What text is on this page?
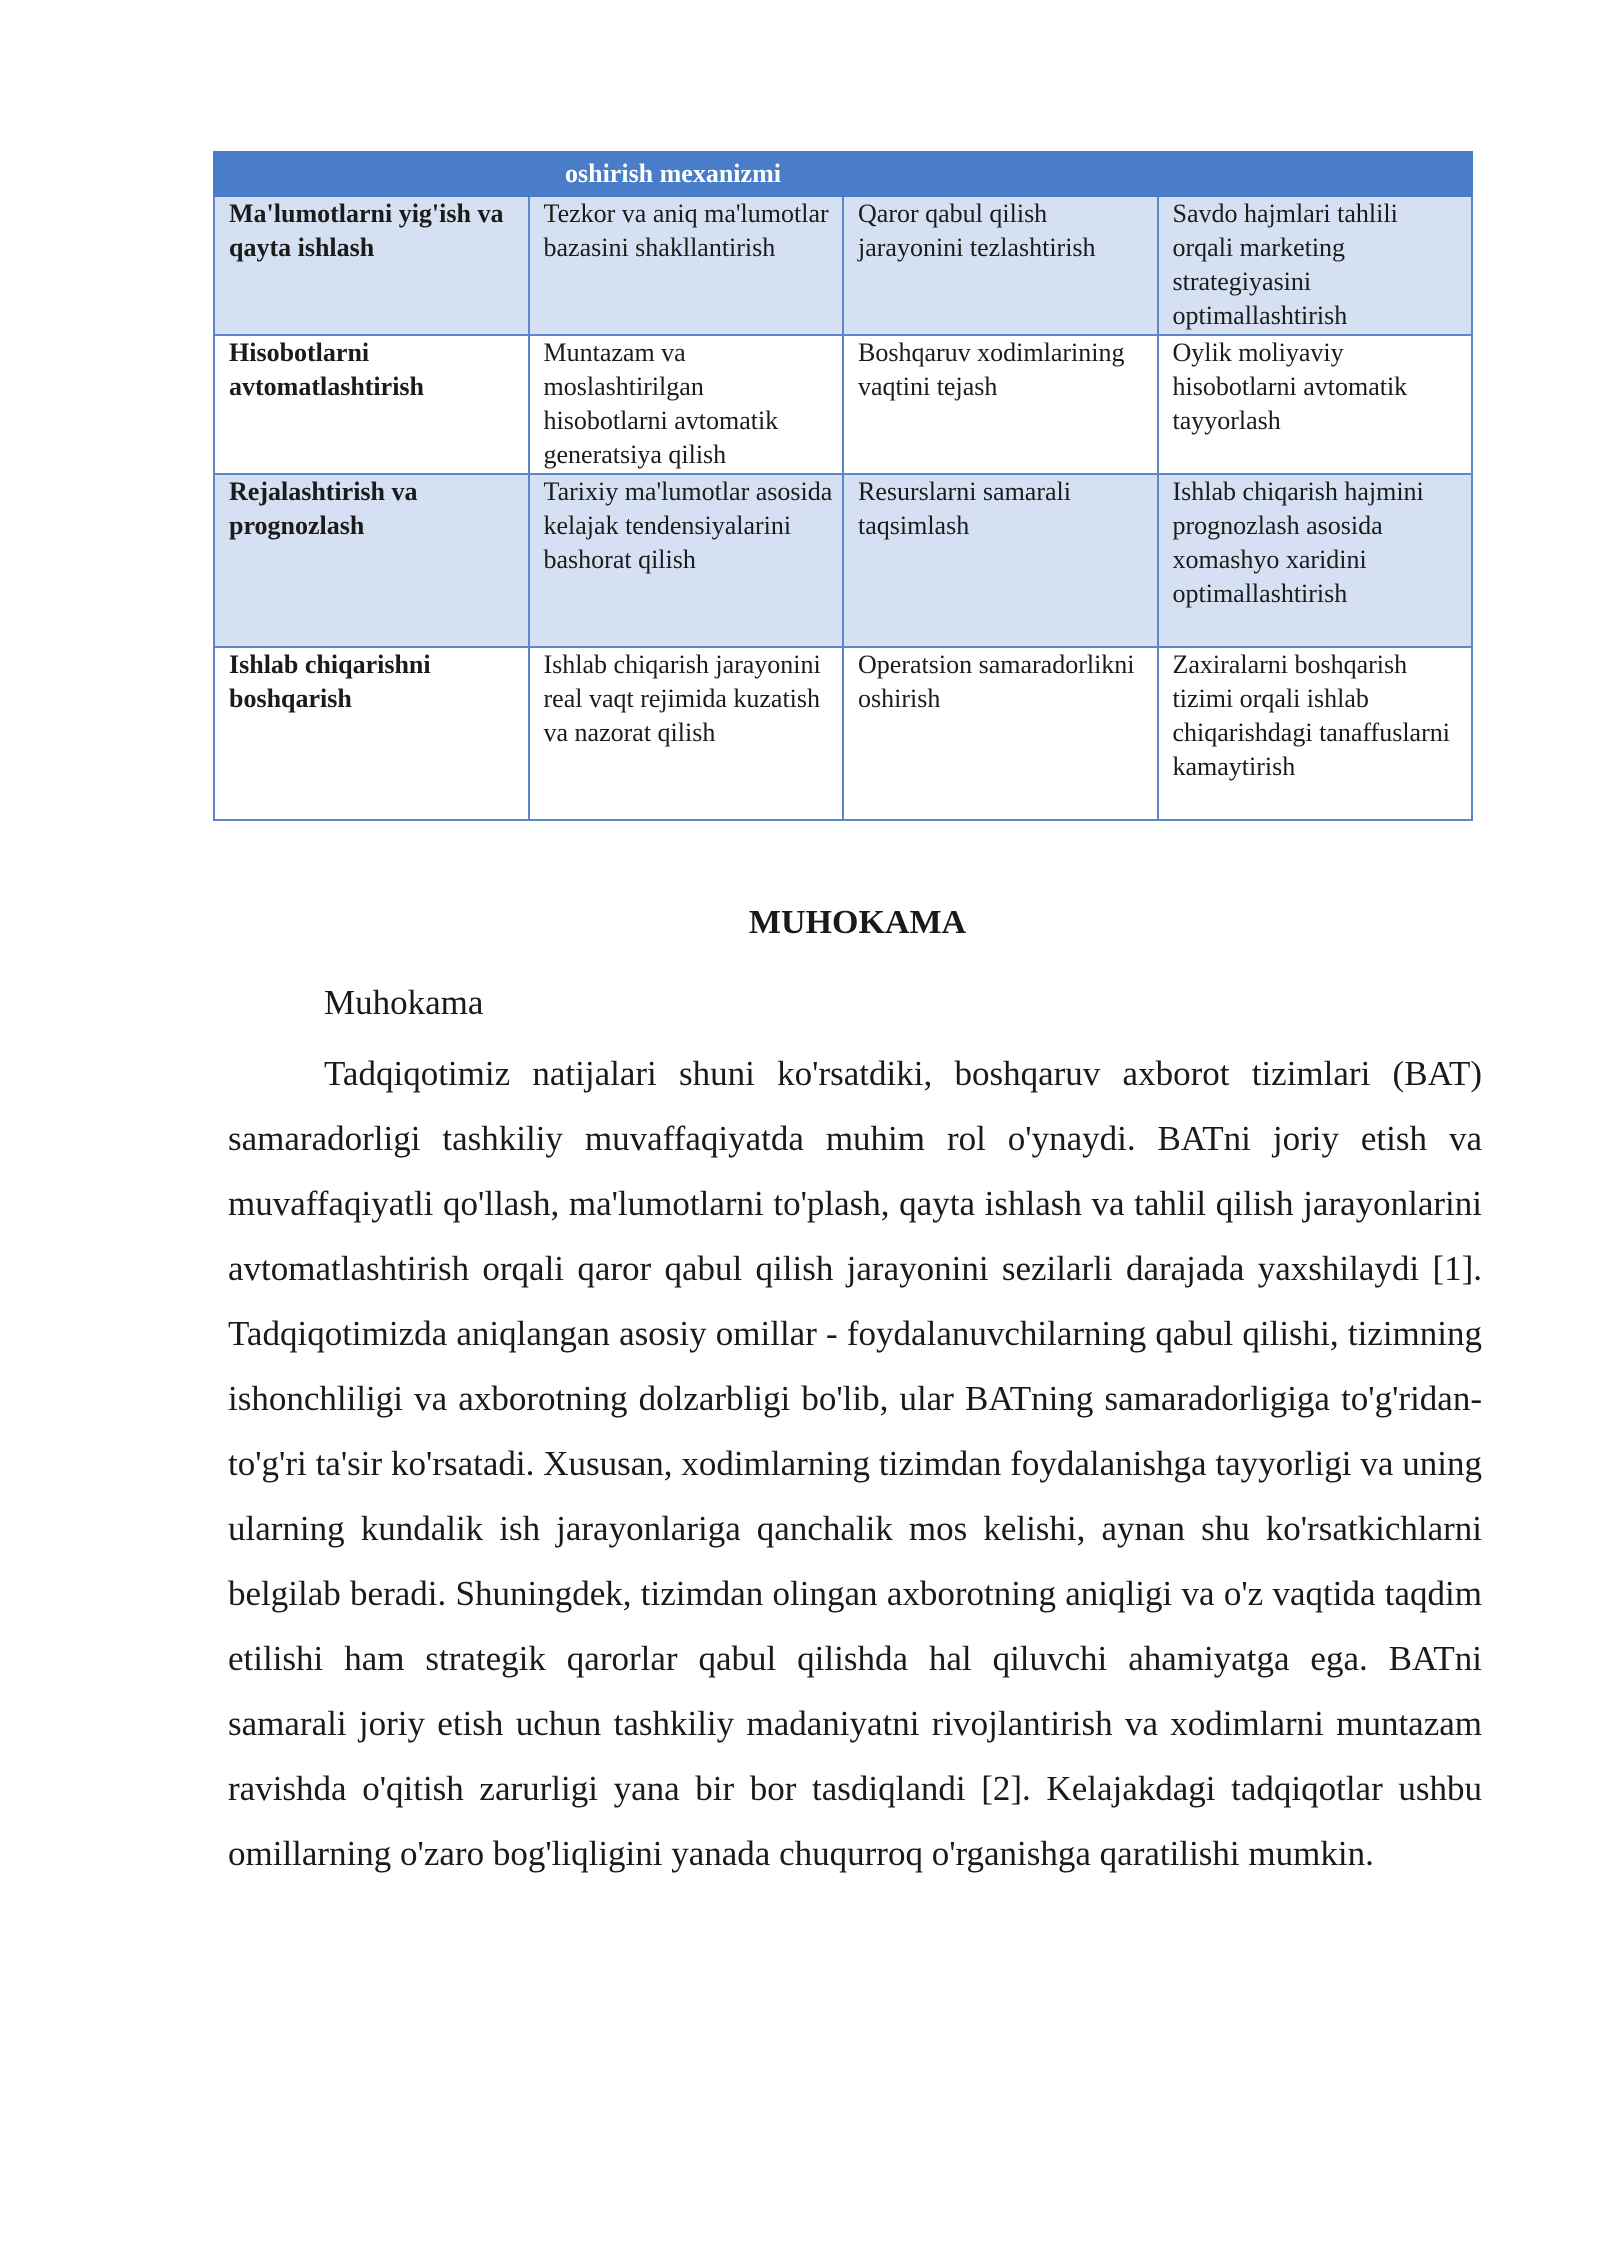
oshirish mexanizmi			

Ma'lumotlarni yig'ish va qayta ishlash	Tezkor va aniq ma'lumotlar bazasini shakllantirish	Qaror qabul qilish jarayonini tezlashtirish	Savdo hajmlari tahlili orqali marketing strategiyasini optimallashtirish
Hisobotlarni avtomatlashtirish	Muntazam va moslashtirilgan hisobotlarni avtomatik generatsiya qilish	Boshqaruv xodimlarining vaqtini tejash	Oylik moliyaviy hisobotlarni avtomatik tayyorlash
Rejalashtirish va prognozlash	Tarixiy ma'lumotlar asosida kelajak tendensiyalarini bashorat qilish	Resurslarni samarali taqsimlash	Ishlab chiqarish hajmini prognozlash asosida xomashyo xaridini optimallashtirish
Ishlab chiqarishni boshqarish	Ishlab chiqarish jarayonini real vaqt rejimida kuzatish va nazorat qilish	Operatsion samaradorlikni oshirish	Zaxiralarni boshqarish tizimi orqali ishlab chiqarishdagi tanaffuslarni kamaytirish
MUHOKAMA
Muhokama

Tadqiqotimiz natijalari shuni ko'rsatdiki, boshqaruv axborot tizimlari (BAT) samaradorligi tashkiliy muvaffaqiyatda muhim rol o'ynaydi. BATni joriy etish va muvaffaqiyatli qo'llash, ma'lumotlarni to'plash, qayta ishlash va tahlil qilish jarayonlarini avtomatlashtirish orqali qaror qabul qilish jarayonini sezilarli darajada yaxshilaydi [1]. Tadqiqotimizda aniqlangan asosiy omillar - foydalanuvchilarning qabul qilishi, tizimning ishonchliligi va axborotning dolzarbligi bo'lib, ular BATning samaradorligiga to'g'ridan-to'g'ri ta'sir ko'rsatadi. Xususan, xodimlarning tizimdan foydalanishga tayyorligi va uning ularning kundalik ish jarayonlariga qanchalik mos kelishi, aynan shu ko'rsatkichlarni belgilab beradi. Shuningdek, tizimdan olingan axborotning aniqligi va o'z vaqtida taqdim etilishi ham strategik qarorlar qabul qilishda hal qiluvchi ahamiyatga ega. BATni samarali joriy etish uchun tashkiliy madaniyatni rivojlantirish va xodimlarni muntazam ravishda o'qitish zarurligi yana bir bor tasdiqlandi [2]. Kelajakdagi tadqiqotlar ushbu omillarning o'zaro bog'liqligini yanada chuqurroq o'rganishga qaratilishi mumkin.
